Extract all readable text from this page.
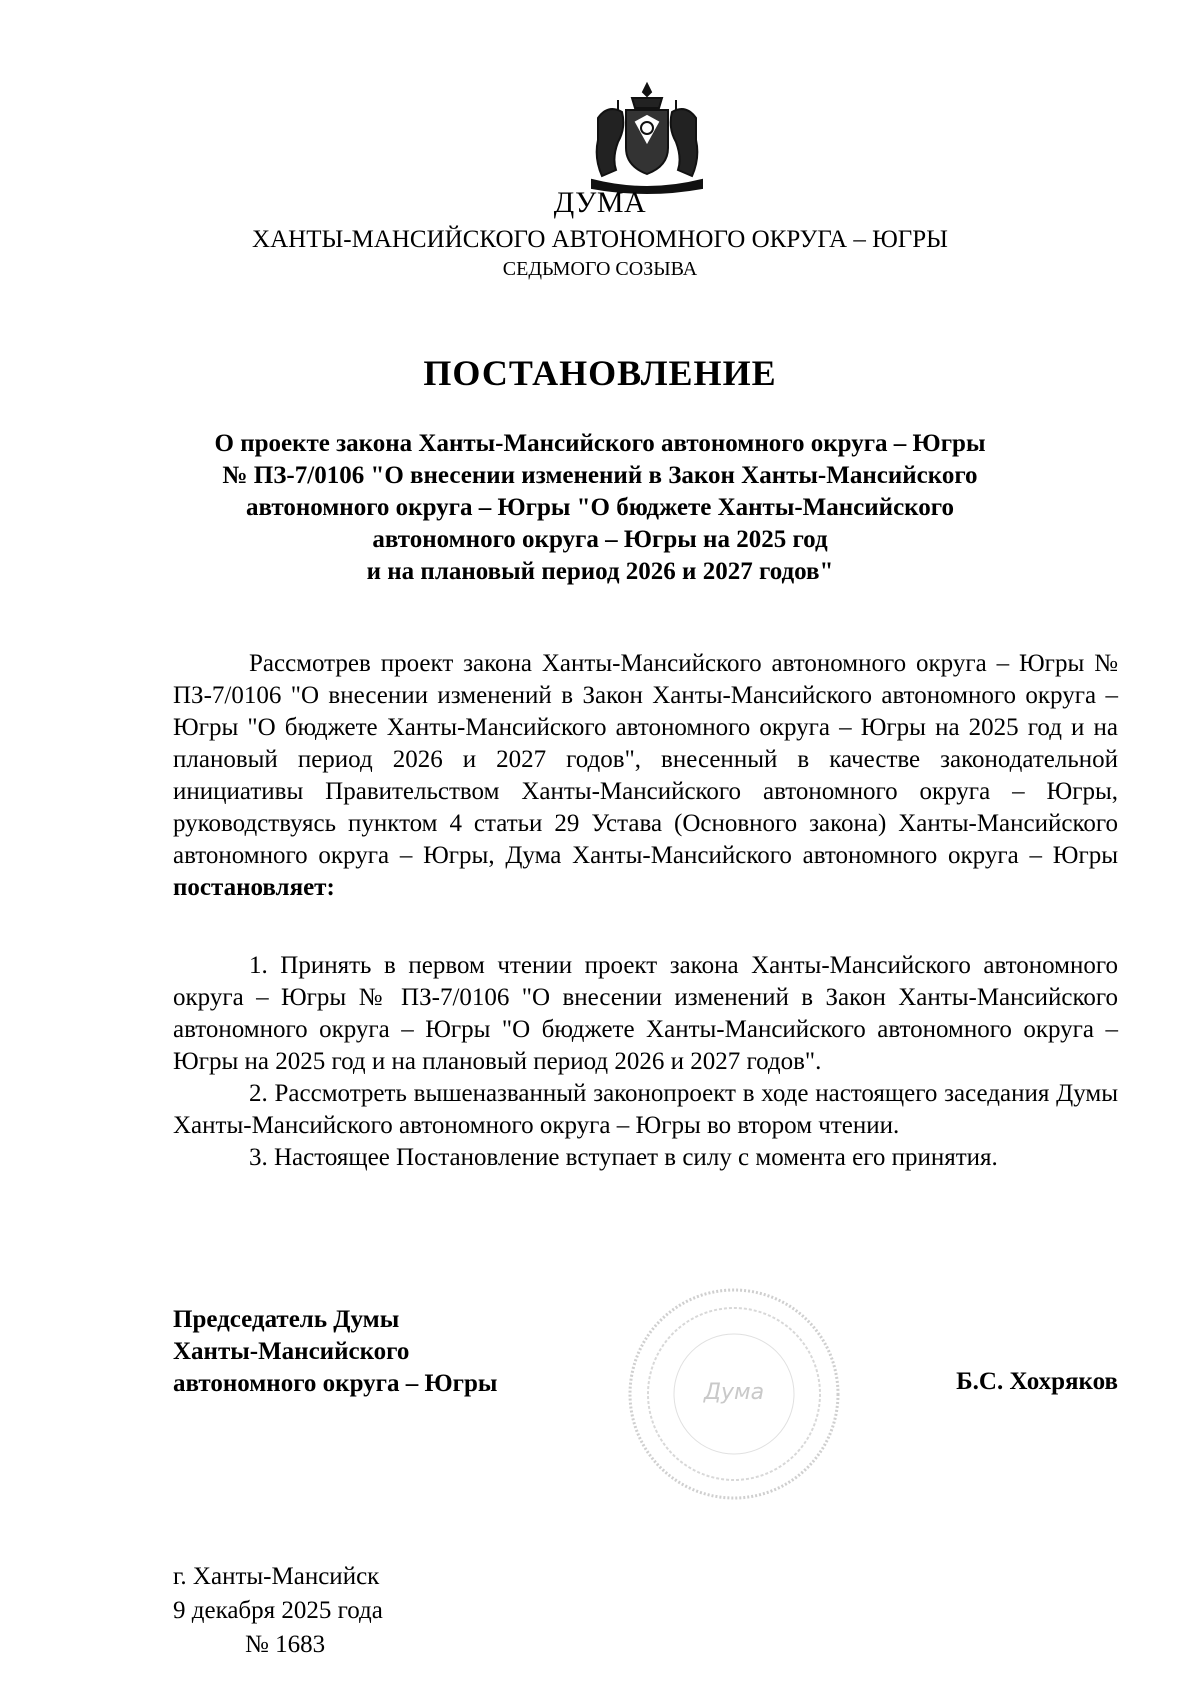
ДУМА
ХАНТЫ-МАНСИЙСКОГО АВТОНОМНОГО ОКРУГА – ЮГРЫ
СЕДЬМОГО СОЗЫВА
ПОСТАНОВЛЕНИЕ
О проекте закона Ханты-Мансийского автономного округа – Югры
№ ПЗ-7/0106 "О внесении изменений в Закон Ханты-Мансийского
автономного округа – Югры "О бюджете Ханты-Мансийского
автономного округа – Югры на 2025 год
и на плановый период 2026 и 2027 годов"

Рассмотрев проект закона Ханты-Мансийского автономного округа – Югры № ПЗ-7/0106 "О внесении изменений в Закон Ханты-Мансийского автономного округа – Югры "О бюджете Ханты-Мансийского автономного округа – Югры на 2025 год и на плановый период 2026 и 2027 годов", внесенный в качестве законодательной инициативы Правительством Ханты-Мансийского автономного округа – Югры, руководствуясь пунктом 4 статьи 29 Устава (Основного закона) Ханты-Мансийского автономного округа – Югры, Дума Ханты-Мансийского автономного округа – Югры постановляет:

1. Принять в первом чтении проект закона Ханты-Мансийского автономного округа – Югры № ПЗ-7/0106 "О внесении изменений в Закон Ханты-Мансийского автономного округа – Югры "О бюджете Ханты-Мансийского автономного округа – Югры на 2025 год и на плановый период 2026 и 2027 годов".

2. Рассмотреть вышеназванный законопроект в ходе настоящего заседания Думы Ханты-Мансийского автономного округа – Югры во втором чтении.

3. Настоящее Постановление вступает в силу с момента его принятия.

Председатель Думы
Ханты-Мансийского
автономного округа – Югры	Дума	Б.С. Хохряков
г. Ханты-Мансийск
9 декабря 2025 года
№ 1683
